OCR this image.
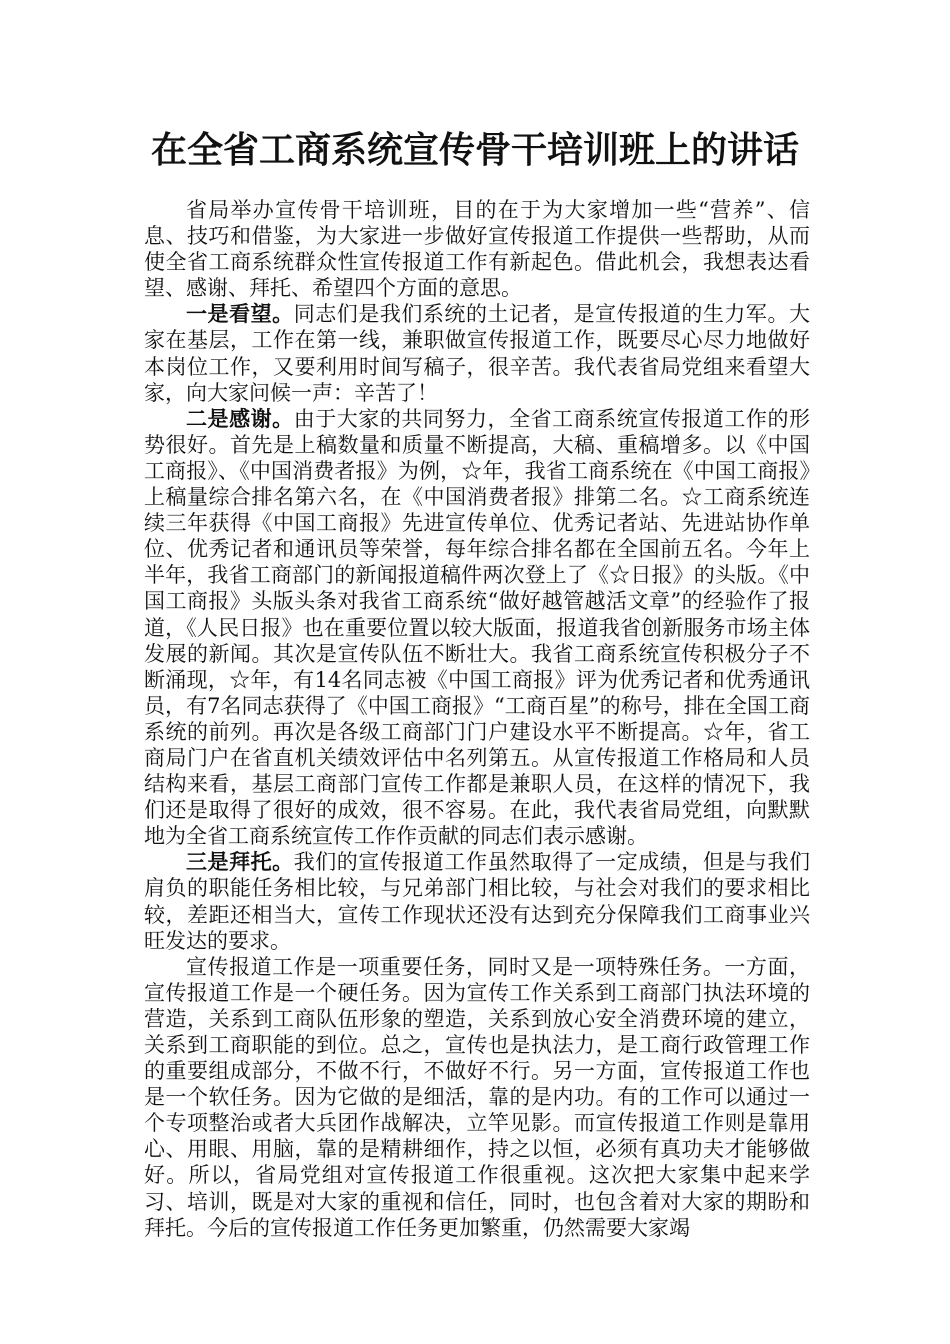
在全省工商系统宣传骨干培训班上的讲话

省局举办宣传骨干培训班，目的在于为大家增加一些“营养”、信息、技巧和借鉴，为大家进一步做好宣传报道工作提供一些帮助，从而使全省工商系统群众性宣传报道工作有新起色。借此机会，我想表达看望、感谢、拜托、希望四个方面的意思。

一是看望。同志们是我们系统的土记者，是宣传报道的生力军。大家在基层，工作在第一线，兼职做宣传报道工作，既要尽心尽力地做好本岗位工作，又要利用时间写稿子，很辛苦。我代表省局党组来看望大家，向大家问候一声：辛苦了！

二是感谢。由于大家的共同努力，全省工商系统宣传报道工作的形势很好。首先是上稿数量和质量不断提高，大稿、重稿增多。以《中国工商报》、《中国消费者报》为例，☆年，我省工商系统在《中国工商报》上稿量综合排名第六名，在《中国消费者报》排第二名。☆工商系统连续三年获得《中国工商报》先进宣传单位、优秀记者站、先进站协作单位、优秀记者和通讯员等荣誉，每年综合排名都在全国前五名。今年上半年，我省工商部门的新闻报道稿件两次登上了《☆日报》的头版。《中国工商报》头版头条对我省工商系统“做好越管越活文章”的经验作了报道，《人民日报》也在重要位置以较大版面，报道我省创新服务市场主体发展的新闻。其次是宣传队伍不断壮大。我省工商系统宣传积极分子不断涌现，☆年，有14名同志被《中国工商报》评为优秀记者和优秀通讯员，有7名同志获得了《中国工商报》“工商百星”的称号，排在全国工商系统的前列。再次是各级工商部门门户建设水平不断提高。☆年，省工商局门户在省直机关绩效评估中名列第五。从宣传报道工作格局和人员结构来看，基层工商部门宣传工作都是兼职人员，在这样的情况下，我们还是取得了很好的成效，很不容易。在此，我代表省局党组，向默默地为全省工商系统宣传工作作贡献的同志们表示感谢。

三是拜托。我们的宣传报道工作虽然取得了一定成绩，但是与我们肩负的职能任务相比较，与兄弟部门相比较，与社会对我们的要求相比较，差距还相当大，宣传工作现状还没有达到充分保障我们工商事业兴旺发达的要求。

宣传报道工作是一项重要任务，同时又是一项特殊任务。一方面，宣传报道工作是一个硬任务。因为宣传工作关系到工商部门执法环境的营造，关系到工商队伍形象的塑造，关系到放心安全消费环境的建立，关系到工商职能的到位。总之，宣传也是执法力，是工商行政管理工作的重要组成部分，不做不行，不做好不行。另一方面，宣传报道工作也是一个软任务。因为它做的是细活，靠的是内功。有的工作可以通过一个专项整治或者大兵团作战解决，立竿见影。而宣传报道工作则是靠用心、用眼、用脑，靠的是精耕细作，持之以恒，必须有真功夫才能够做好。所以，省局党组对宣传报道工作很重视。这次把大家集中起来学习、培训，既是对大家的重视和信任，同时，也包含着对大家的期盼和拜托。今后的宣传报道工作任务更加繁重，仍然需要大家竭
